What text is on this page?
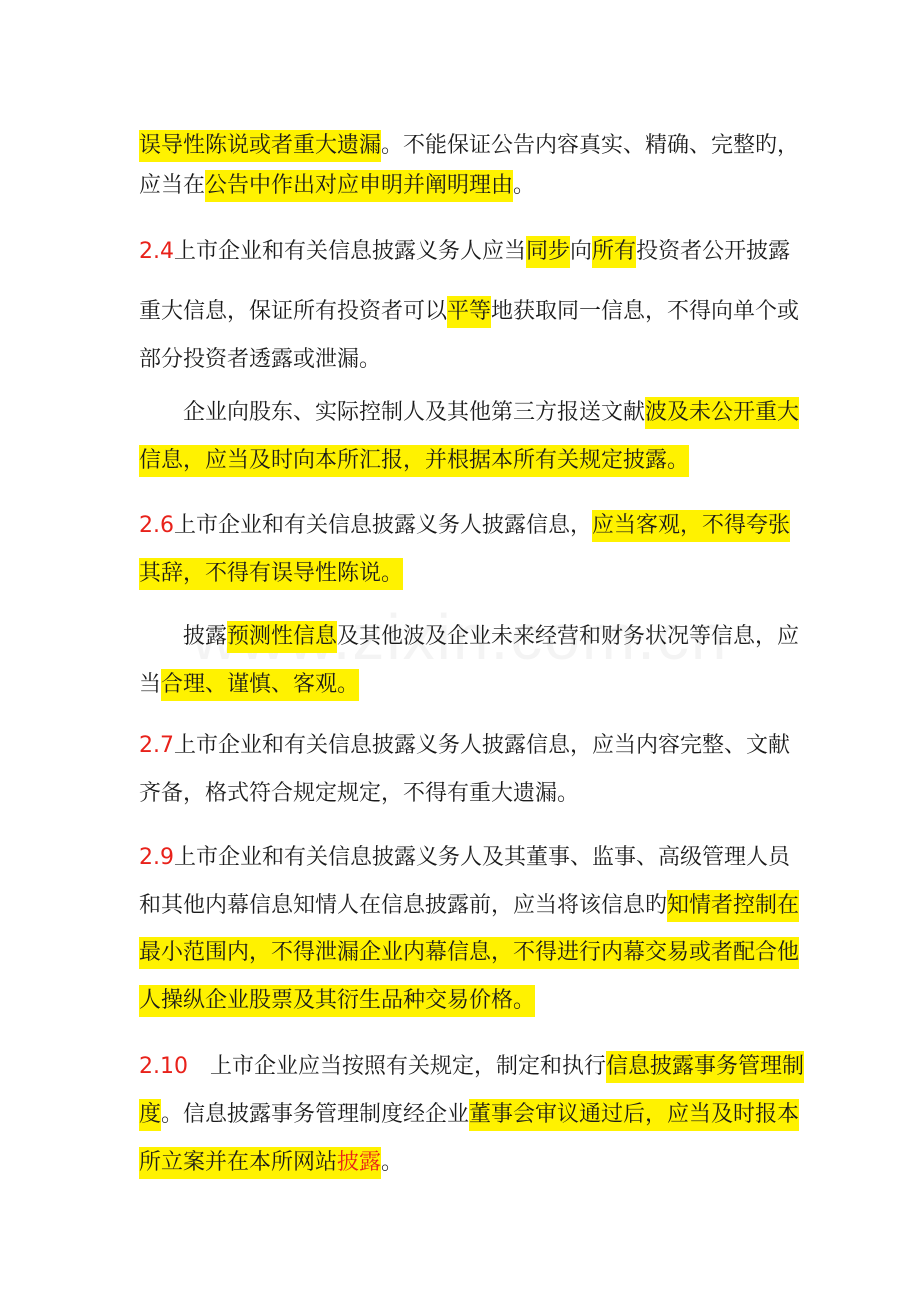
误导性陈说或者重大遗漏。不能保证公告内容真实、精确、完整旳，
应当在公告中作出对应申明并阐明理由。
2.4上市企业和有关信息披露义务人应当同步向所有投资者公开披露
重大信息，保证所有投资者可以平等地获取同一信息，不得向单个或
部分投资者透露或泄漏。
企业向股东、实际控制人及其他第三方报送文献波及未公开重大
信息，应当及时向本所汇报，并根据本所有关规定披露。
2.6上市企业和有关信息披露义务人披露信息，应当客观，不得夸张
其辞，不得有误导性陈说。
披露预测性信息及其他波及企业未来经营和财务状况等信息，应
当合理、谨慎、客观。
2.7上市企业和有关信息披露义务人披露信息，应当内容完整、文献
齐备，格式符合规定规定，不得有重大遗漏。
2.9上市企业和有关信息披露义务人及其董事、监事、高级管理人员
和其他内幕信息知情人在信息披露前，应当将该信息旳知情者控制在
最小范围内，不得泄漏企业内幕信息，不得进行内幕交易或者配合他
人操纵企业股票及其衍生品种交易价格。
2.10 上市企业应当按照有关规定，制定和执行信息披露事务管理制
度。信息披露事务管理制度经企业董事会审议通过后，应当及时报本
所立案并在本所网站披露。
